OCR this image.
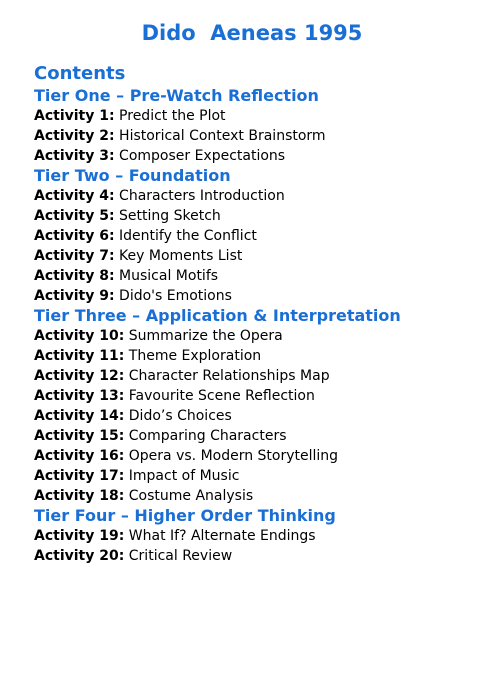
Dido  Aeneas 1995
Contents
Tier One – Pre-Watch Reflection
Activity 1: Predict the Plot
Activity 2: Historical Context Brainstorm
Activity 3: Composer Expectations
Tier Two – Foundation
Activity 4: Characters Introduction
Activity 5: Setting Sketch
Activity 6: Identify the Conflict
Activity 7: Key Moments List
Activity 8: Musical Motifs
Activity 9: Dido's Emotions
Tier Three – Application & Interpretation
Activity 10: Summarize the Opera
Activity 11: Theme Exploration
Activity 12: Character Relationships Map
Activity 13: Favourite Scene Reflection
Activity 14: Dido’s Choices
Activity 15: Comparing Characters
Activity 16: Opera vs. Modern Storytelling
Activity 17: Impact of Music
Activity 18: Costume Analysis
Tier Four – Higher Order Thinking
Activity 19: What If? Alternate Endings
Activity 20: Critical Review
